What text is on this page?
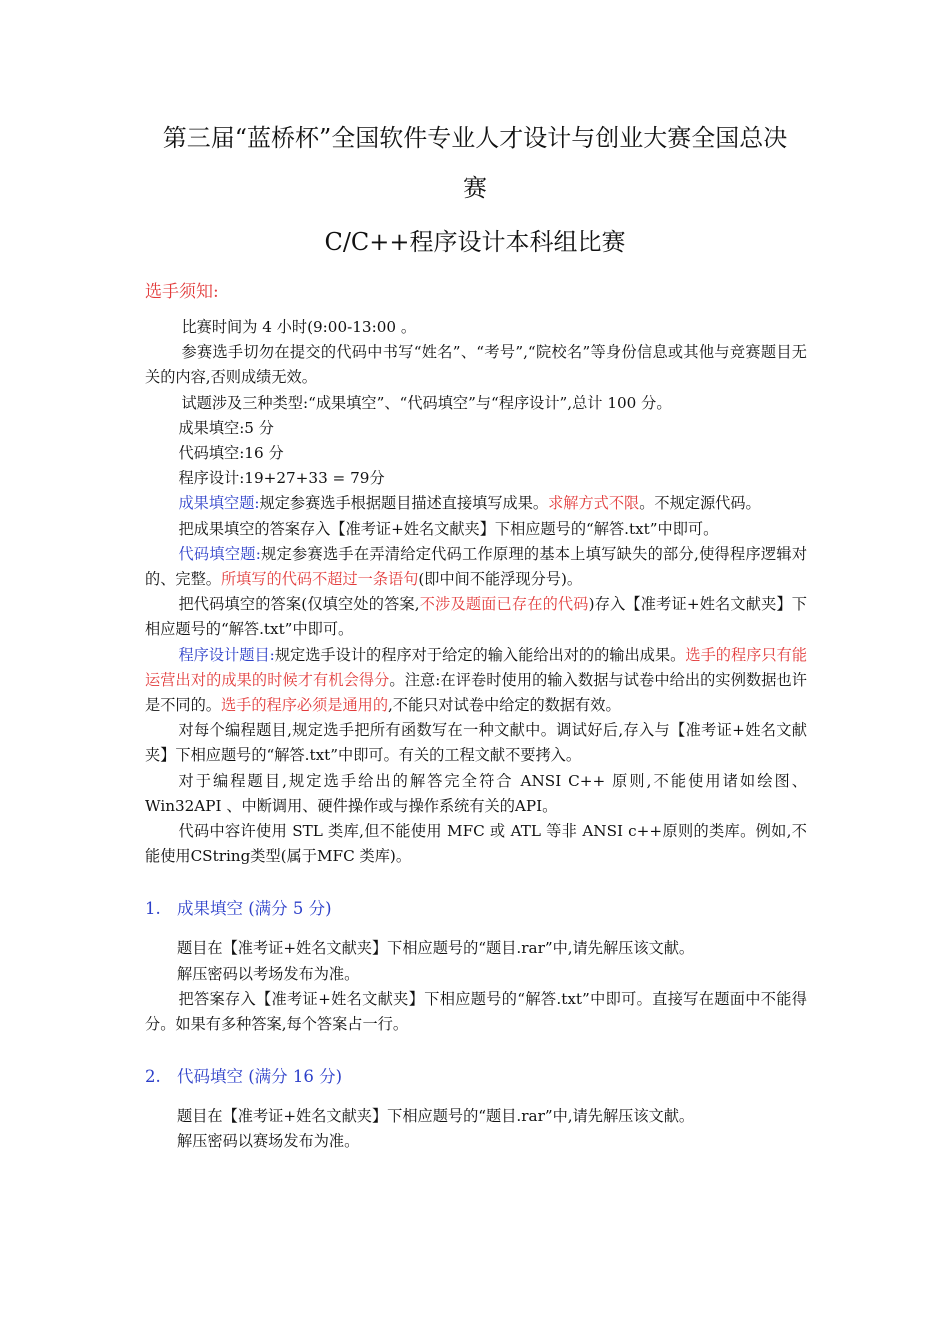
第三届“蓝桥杯”全国软件专业人才设计与创业大赛全国总决
赛
C/C++程序设计本科组比赛
选手须知:

比赛时间为 4 小时(9:00-13:00 。

参赛选手切勿在提交的代码中书写“姓名”、“考号”,“院校名”等身份信息或其他与竞赛题目无关的内容,否则成绩无效。

试题涉及三种类型:“成果填空”、“代码填空”与“程序设计”,总计 100 分。

成果填空:5 分

代码填空:16 分

程序设计:19+27+33 = 79分

成果填空题:规定参赛选手根据题目描述直接填写成果。求解方式不限。不规定源代码。

把成果填空的答案存入【准考证+姓名文献夹】下相应题号的“解答.txt”中即可。

代码填空题:规定参赛选手在弄清给定代码工作原理的基本上填写缺失的部分,使得程序逻辑对的、完整。所填写的代码不超过一条语句(即中间不能浮现分号)。

把代码填空的答案(仅填空处的答案,不涉及题面已存在的代码)存入【准考证+姓名文献夹】下相应题号的“解答.txt”中即可。

程序设计题目:规定选手设计的程序对于给定的输入能给出对的的输出成果。选手的程序只有能运营出对的成果的时候才有机会得分。注意:在评卷时使用的输入数据与试卷中给出的实例数据也许是不同的。选手的程序必须是通用的,不能只对试卷中给定的数据有效。

对每个编程题目,规定选手把所有函数写在一种文献中。调试好后,存入与【准考证+姓名文献夹】下相应题号的“解答.txt”中即可。有关的工程文献不要拷入。

对于编程题目,规定选手给出的解答完全符合 ANSI C++ 原则,不能使用诸如绘图、Win32API 、中断调用、硬件操作或与操作系统有关的API。

代码中容许使用 STL 类库,但不能使用 MFC 或 ATL 等非 ANSI c++原则的类库。例如,不能使用CString类型(属于MFC 类库)。

1. 成果填空 (满分 5 分)

题目在【准考证+姓名文献夹】下相应题号的“题目.rar”中,请先解压该文献。

解压密码以考场发布为准。

把答案存入【准考证+姓名文献夹】下相应题号的“解答.txt”中即可。直接写在题面中不能得分。如果有多种答案,每个答案占一行。

2. 代码填空 (满分 16 分)

题目在【准考证+姓名文献夹】下相应题号的“题目.rar”中,请先解压该文献。

解压密码以赛场发布为准。
